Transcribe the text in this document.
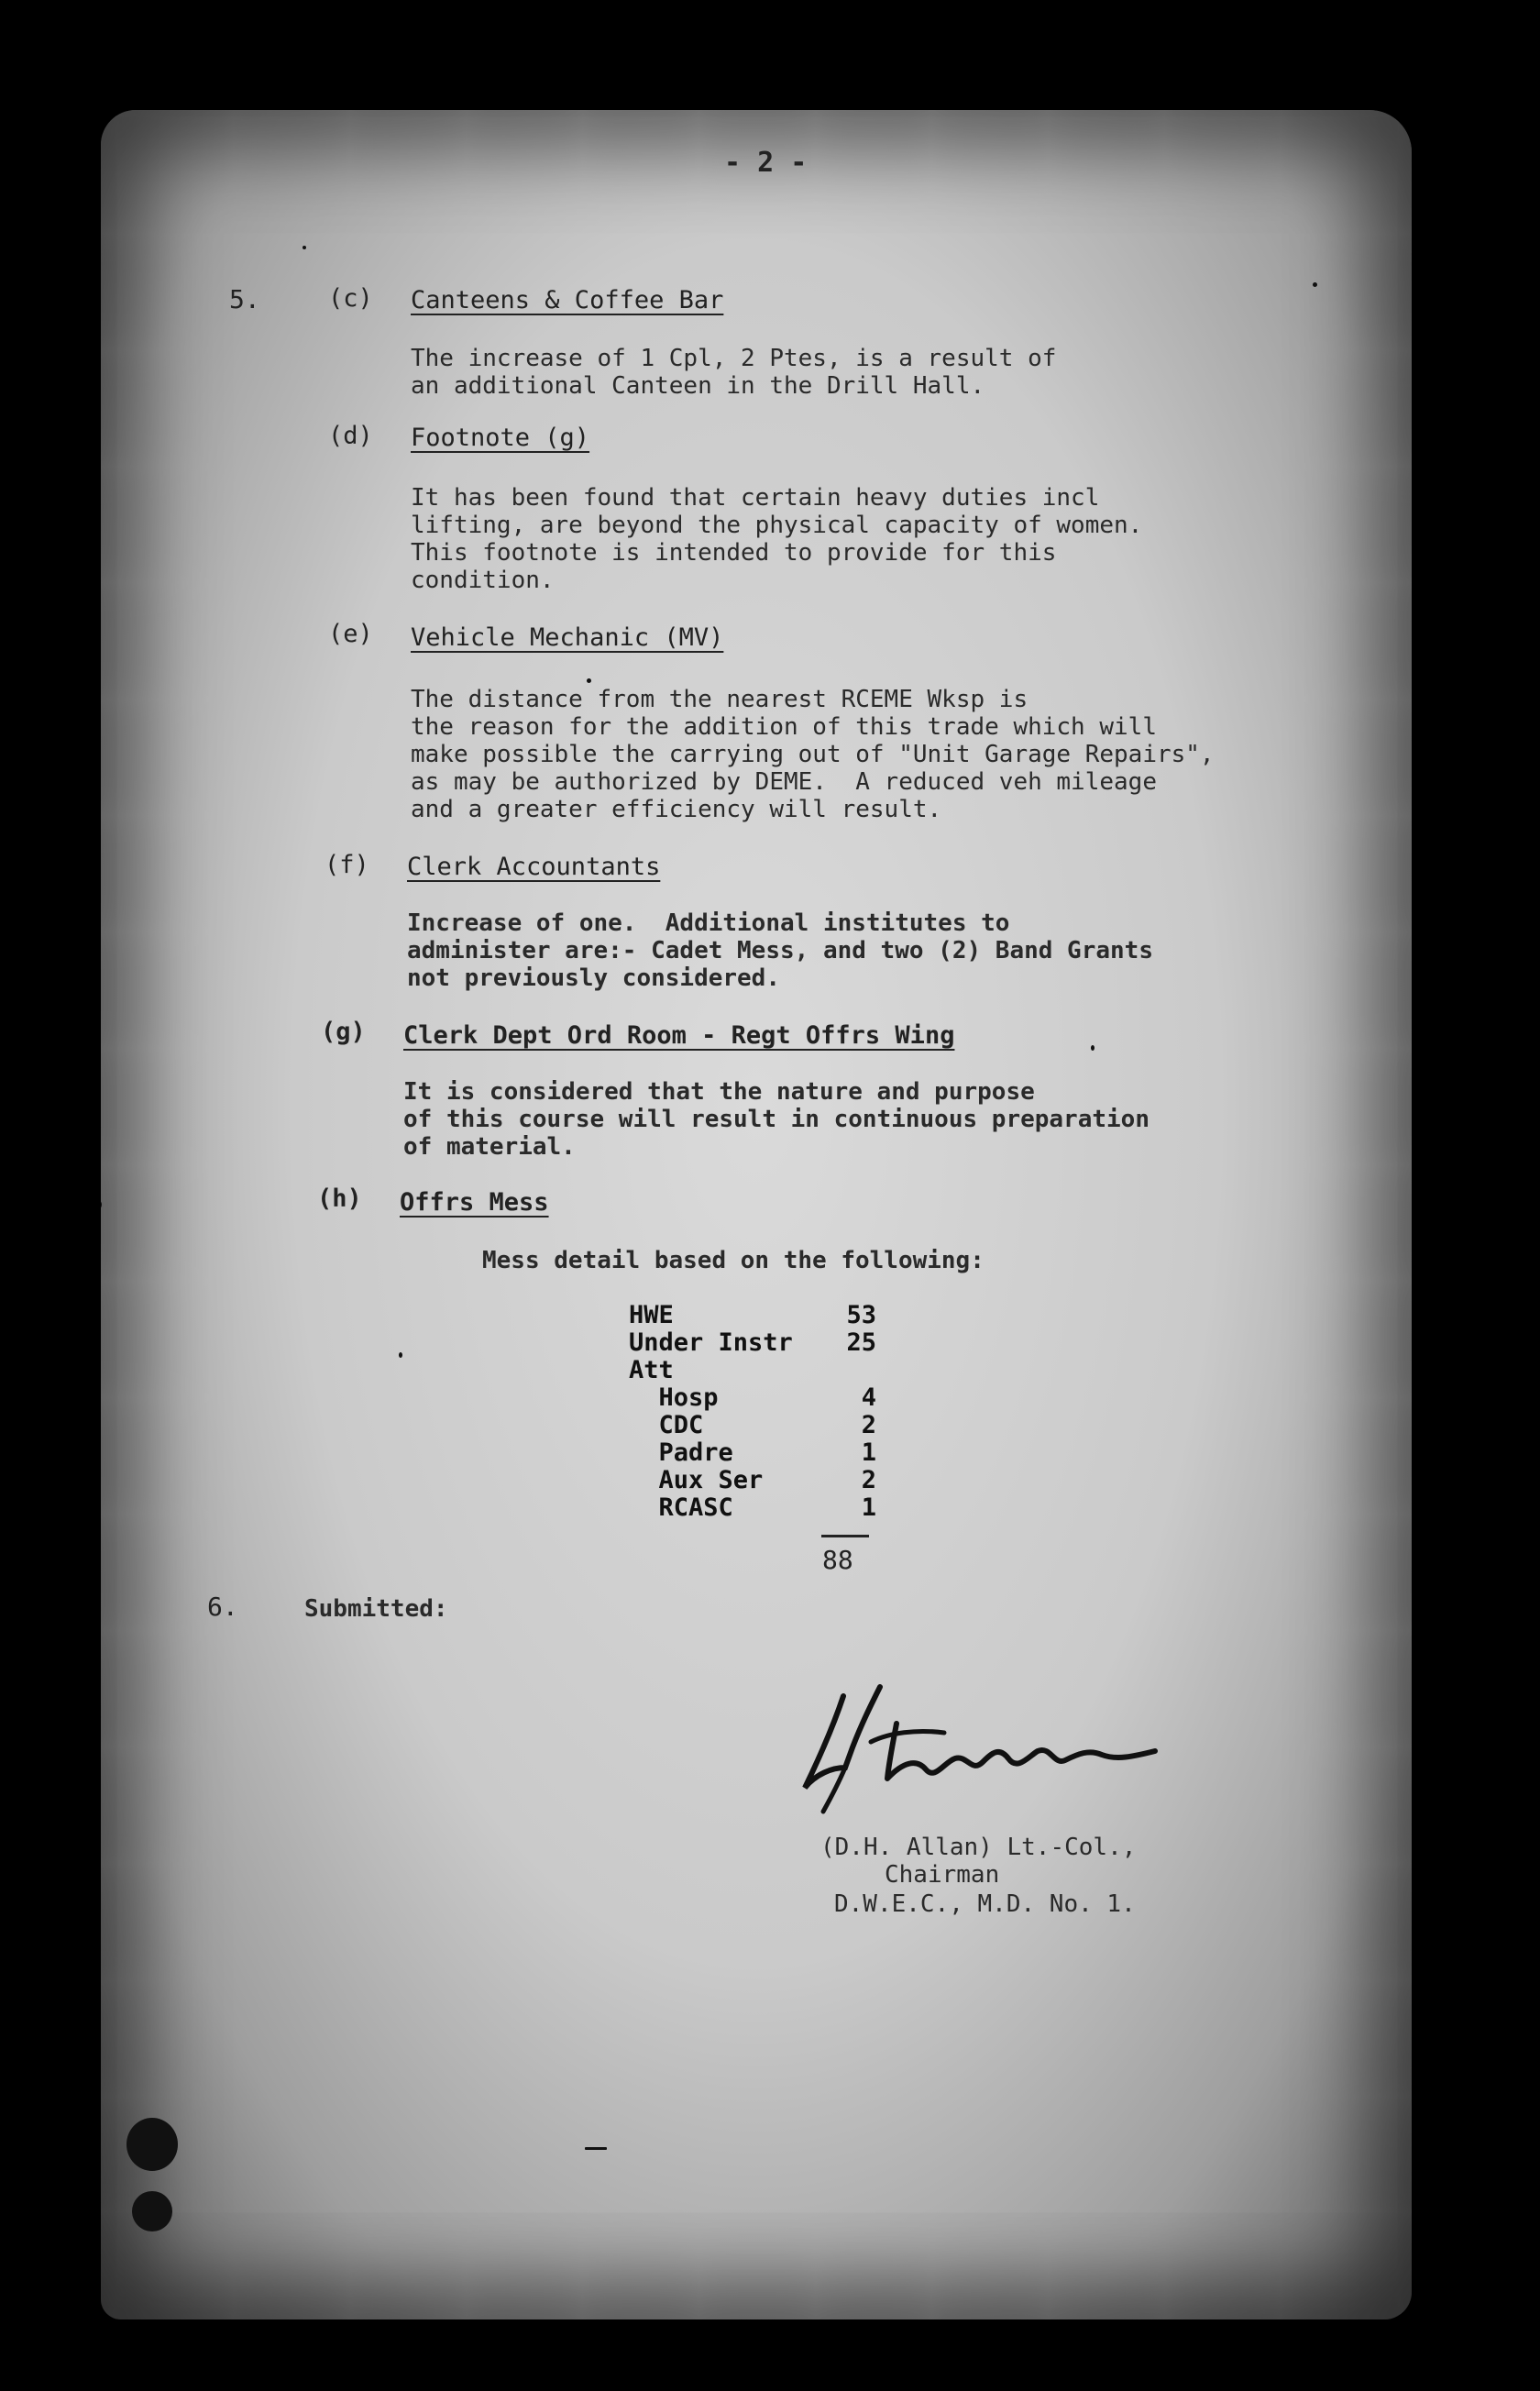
- 2 -
5.	(c) Canteens & Coffee Bar
The increase of 1 Cpl, 2 Ptes, is a result of
an additional Canteen in the Drill Hall.
(d) Footnote (g)
It has been found that certain heavy duties incl
lifting, are beyond the physical capacity of women.
This footnote is intended to provide for this
condition.
(e) Vehicle Mechanic (MV)
The distance from the nearest RCEME Wksp is
the reason for the addition of this trade which will
make possible the carrying out of "Unit Garage Repairs",
as may be authorized by DEME.  A reduced veh mileage
and a greater efficiency will result.
(f) Clerk Accountants
Increase of one.  Additional institutes to
administer are:- Cadet Mess, and two (2) Band Grants
not previously considered.
(g) Clerk Dept Ord Room - Regt Offrs Wing
It is considered that the nature and purpose
of this course will result in continuous preparation
of material.
(h) Offrs Mess
Mess detail based on the following:
HWE	53
Under Instr	25
Att
Hosp	4
CDC	2
Padre	1
Aux Ser	2
RCASC	1
88
6.	Submitted:
(D.H. Allan) Lt.-Col.,
Chairman
D.W.E.C., M.D. No. 1.
